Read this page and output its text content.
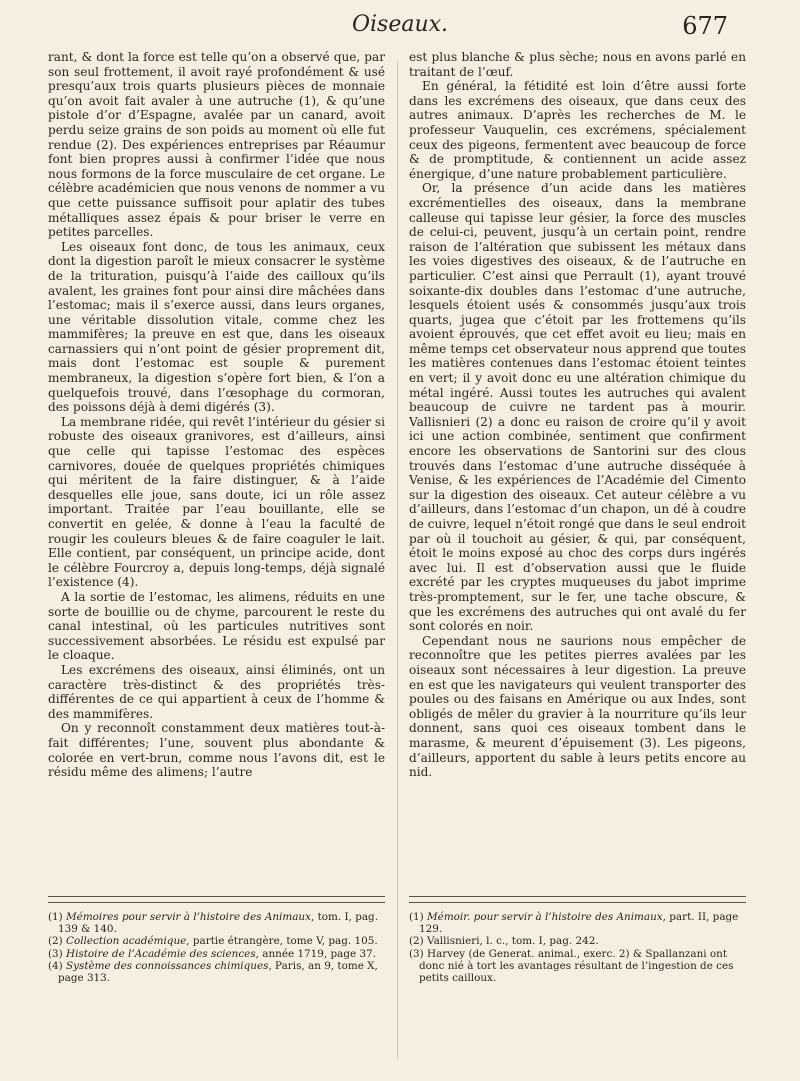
Oiseaux.	677

rant, & dont la force est telle qu’on a observé que, par son seul frottement, il avoit rayé profondément & usé presqu’aux trois quarts plusieurs pièces de monnaie qu’on avoit fait avaler à une autruche (1), & qu’une pistole d’or d’Espagne, avalée par un canard, avoit perdu seize grains de son poids au moment où elle fut rendue (2). Des expériences entreprises par Réaumur font bien propres aussi à confirmer l’idée que nous nous formons de la force musculaire de cet organe. Le célèbre académicien que nous venons de nommer a vu que cette puissance suffisoit pour aplatir des tubes métalliques assez épais & pour briser le verre en petites parcelles.

Les oiseaux font donc, de tous les animaux, ceux dont la digestion paroît le mieux consacrer le système de la trituration, puisqu’à l’aide des cailloux qu’ils avalent, les graines font pour ainsi dire mâchées dans l’estomac; mais il s’exerce aussi, dans leurs organes, une véritable dissolution vitale, comme chez les mammifères; la preuve en est que, dans les oiseaux carnassiers qui n’ont point de gésier proprement dit, mais dont l’estomac est souple & purement membraneux, la digestion s’opère fort bien, & l’on a quelquefois trouvé, dans l’œsophage du cormoran, des poissons déjà à demi digérés (3).

La membrane ridée, qui revêt l’intérieur du gésier si robuste des oiseaux granivores, est d’ailleurs, ainsi que celle qui tapisse l’estomac des espèces carnivores, douée de quelques propriétés chimiques qui méritent de la faire distinguer, & à l’aide desquelles elle joue, sans doute, ici un rôle assez important. Traitée par l’eau bouillante, elle se convertit en gelée, & donne à l’eau la faculté de rougir les couleurs bleues & de faire coaguler le lait. Elle contient, par conséquent, un principe acide, dont le célèbre Fourcroy a, depuis long-temps, déjà signalé l’existence (4).

A la sortie de l’estomac, les alimens, réduits en une sorte de bouillie ou de chyme, parcourent le reste du canal intestinal, où les particules nutritives sont successivement absorbées. Le résidu est expulsé par le cloaque.

Les excrémens des oiseaux, ainsi éliminés, ont un caractère très-distinct & des propriétés très-différentes de ce qui appartient à ceux de l’homme & des mammifères.

On y reconnoît constamment deux matières tout-à-fait différentes; l’une, souvent plus abondante & colorée en vert-brun, comme nous l’avons dit, est le résidu même des alimens; l’autre

est plus blanche & plus sèche; nous en avons parlé en traitant de l’œuf.

En général, la fétidité est loin d’être aussi forte dans les excrémens des oiseaux, que dans ceux des autres animaux. D’après les recherches de M. le professeur Vauquelin, ces excrémens, spécialement ceux des pigeons, fermentent avec beaucoup de force & de promptitude, & contiennent un acide assez énergique, d’une nature probablement particulière.

Or, la présence d’un acide dans les matières excrémentielles des oiseaux, dans la membrane calleuse qui tapisse leur gésier, la force des muscles de celui-ci, peuvent, jusqu’à un certain point, rendre raison de l’altération que subissent les métaux dans les voies digestives des oiseaux, & de l’autruche en particulier. C’est ainsi que Perrault (1), ayant trouvé soixante-dix doubles dans l’estomac d’une autruche, lesquels étoient usés & consommés jusqu’aux trois quarts, jugea que c’étoit par les frottemens qu’ils avoient éprouvés, que cet effet avoit eu lieu; mais en même temps cet observateur nous apprend que toutes les matières contenues dans l’estomac étoient teintes en vert; il y avoit donc eu une altération chimique du métal ingéré. Aussi toutes les autruches qui avalent beaucoup de cuivre ne tardent pas à mourir. Vallisnieri (2) a donc eu raison de croire qu’il y avoit ici une action combinée, sentiment que confirment encore les observations de Santorini sur des clous trouvés dans l’estomac d’une autruche disséquée à Venise, & les expériences de l’Académie del Cimento sur la digestion des oiseaux. Cet auteur célèbre a vu d’ailleurs, dans l’estomac d’un chapon, un dé à coudre de cuivre, lequel n’étoit rongé que dans le seul endroit par où il touchoit au gésier, & qui, par conséquent, étoit le moins exposé au choc des corps durs ingérés avec lui. Il est d’observation aussi que le fluide excrété par les cryptes muqueuses du jabot imprime très-promptement, sur le fer, une tache obscure, & que les excrémens des autruches qui ont avalé du fer sont colorés en noir.

Cependant nous ne saurions nous empêcher de reconnoître que les petites pierres avalées par les oiseaux sont nécessaires à leur digestion. La preuve en est que les navigateurs qui veulent transporter des poules ou des faisans en Amérique ou aux Indes, sont obligés de mêler du gravier à la nourriture qu’ils leur donnent, sans quoi ces oiseaux tombent dans le marasme, & meurent d’épuisement (3). Les pigeons, d’ailleurs, apportent du sable à leurs petits encore au nid.

(1) Mémoires pour servir à l’histoire des Animaux, tom. I, pag. 139 & 140.

(2) Collection académique, partie étrangère, tome V, pag. 105.

(3) Histoire de l’Académie des sciences, année 1719, page 37.

(4) Système des connoissances chimiques, Paris, an 9, tome X, page 313.

(1) Mémoir. pour servir à l’histoire des Animaux, part. II, page 129.

(2) Vallisnieri, l. c., tom. I, pag. 242.

(3) Harvey (de Generat. animal., exerc. 2) & Spallanzani ont donc nié à tort les avantages résultant de l’ingestion de ces petits cailloux.
